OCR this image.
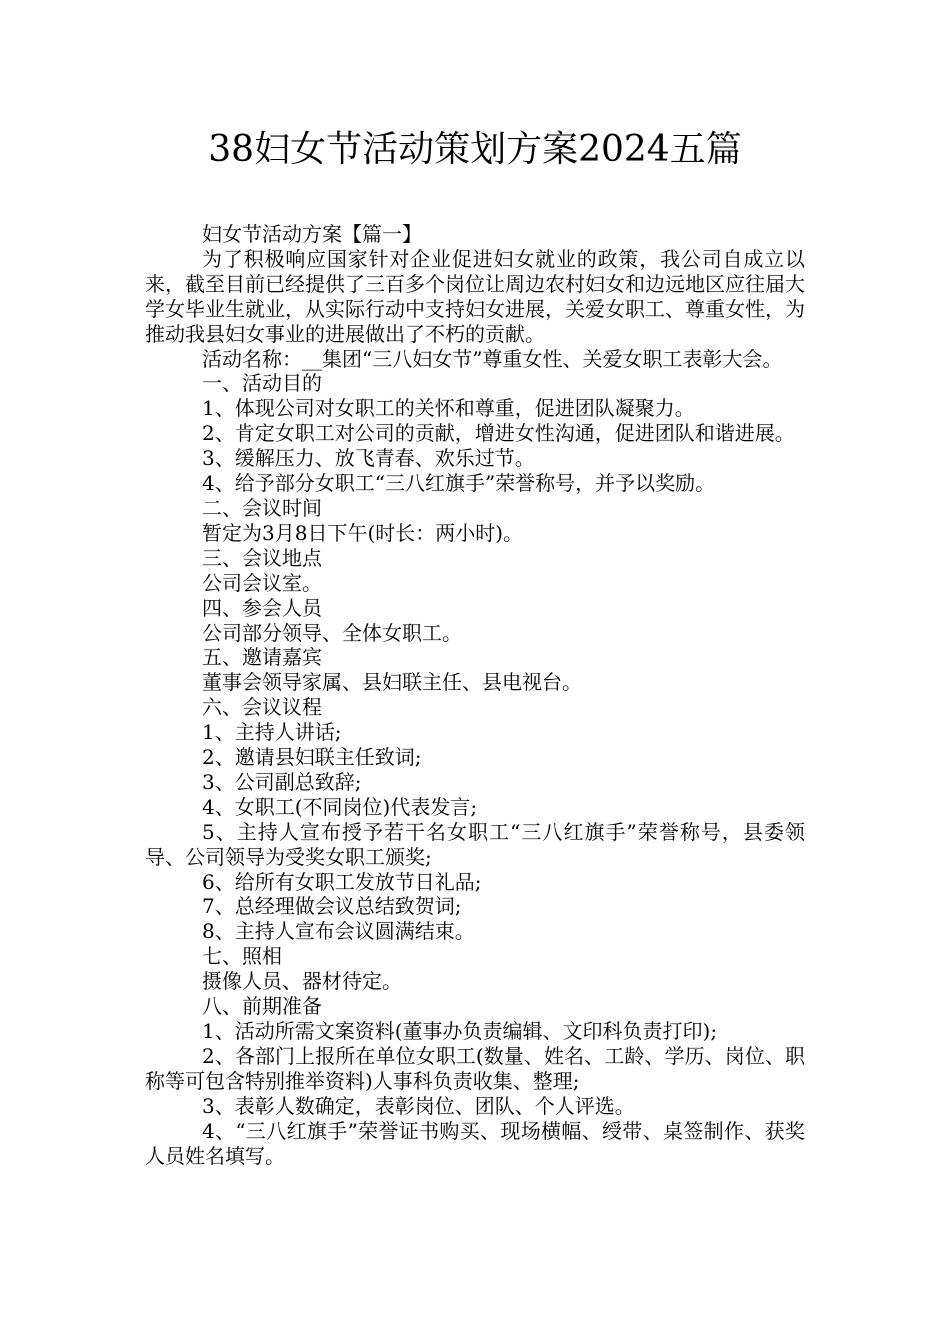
38妇女节活动策划方案2024五篇

妇女节活动方案【篇一】

为了积极响应国家针对企业促进妇女就业的政策，我公司自成立以来，截至目前已经提供了三百多个岗位让周边农村妇女和边远地区应往届大学女毕业生就业，从实际行动中支持妇女进展，关爱女职工、尊重女性，为推动我县妇女事业的进展做出了不朽的贡献。

活动名称：__集团“三八妇女节”尊重女性、关爱女职工表彰大会。

一、活动目的

1、体现公司对女职工的关怀和尊重，促进团队凝聚力。

2、肯定女职工对公司的贡献，增进女性沟通，促进团队和谐进展。

3、缓解压力、放飞青春、欢乐过节。

4、给予部分女职工“三八红旗手”荣誉称号，并予以奖励。

二、会议时间

暂定为3月8日下午(时长：两小时)。

三、会议地点

公司会议室。

四、参会人员

公司部分领导、全体女职工。

五、邀请嘉宾

董事会领导家属、县妇联主任、县电视台。

六、会议议程

1、主持人讲话;

2、邀请县妇联主任致词;

3、公司副总致辞;

4、女职工(不同岗位)代表发言;

5、主持人宣布授予若干名女职工“三八红旗手”荣誉称号，县委领导、公司领导为受奖女职工颁奖;

6、给所有女职工发放节日礼品;

7、总经理做会议总结致贺词;

8、主持人宣布会议圆满结束。

七、照相

摄像人员、器材待定。

八、前期准备

1、活动所需文案资料(董事办负责编辑、文印科负责打印);

2、各部门上报所在单位女职工(数量、姓名、工龄、学历、岗位、职称等可包含特别推举资料)人事科负责收集、整理;

3、表彰人数确定，表彰岗位、团队、个人评选。

4、“三八红旗手”荣誉证书购买、现场横幅、绶带、桌签制作、获奖人员姓名填写。
